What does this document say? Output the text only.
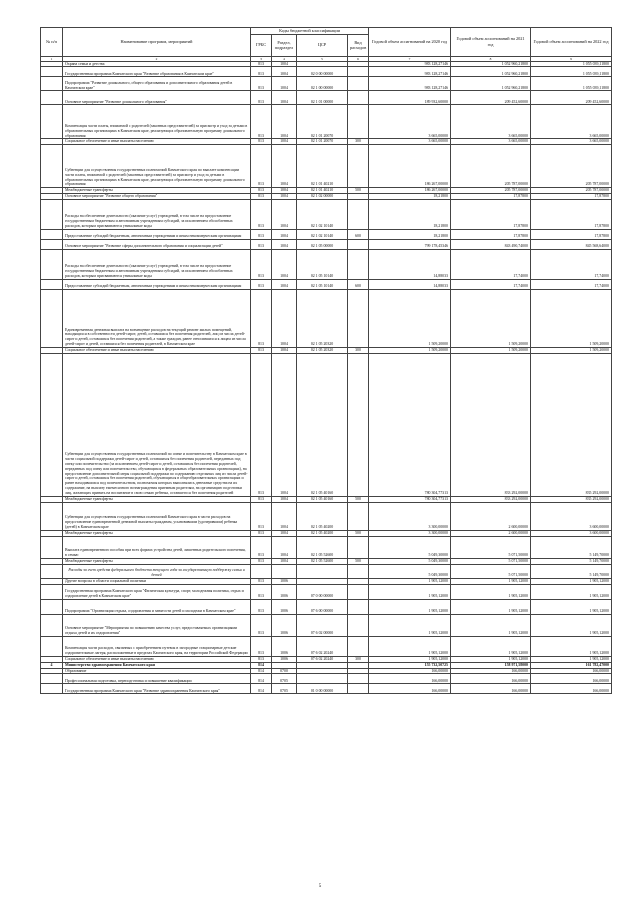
№ п/п	Наименование программ, мероприятий	Коды бюджетной классификации				Годовой объем ассигнований на 2020 год	Годовой объем ассигнований на 2021 год	Годовой объем ассигнований на 2022 год
		ГРБС	Раздел, подраздел	ЦСР	Вид расходов			
1	2	3	4	5	6	7	8	9
	Охрана семьи и детства	813	1004			983 128,27146	1 052 960,21800	1 055 039,11800
	Государственная программа Камчатского края "Развитие образования в Камчатском крае"	813	1004	02 0 00 00000		983 128,27146	1 052 960,21800	1 055 039,11800
	Подпрограмма "Развитие дошкольного, общего образования и дополнительного образования детей в Камчатском крае"	813	1004	02 1 00 00000		983 128,27146	1 052 960,21800	1 055 039,11800
	Основное мероприятие "Развитие дошкольного образования"	813	1004	02 1 01 00000		189 932,60000	209 452,60000	209 452,60000
	Компенсация части платы, взимаемой с родителей (законных представителей) за присмотр и уход за детьми в образовательных организациях в Камчатском крае, реализующих образовательную программу дошкольного образования	813	1004	02 1 01 20070		3 665,00000	3 665,00000	3 665,00000
	Социальное обеспечение и иные выплаты населению	813	1004	02 1 01 20070	300	3 665,00000	3 665,00000	3 665,00000
	Субвенции для осуществления государственных полномочий Камчатского края по выплате компенсации части платы, взимаемой с родителей (законных представителей) за присмотр и уход за детьми в образовательных организациях в Камчатском крае, реализующих образовательную программу дошкольного образования	813	1004	02 1 01 40210		186 267,00000	205 787,00000	205 787,00000
	Межбюджетные трансферты	813	1004	02 1 01 40210	500	186 267,00000	205 787,00000	205 787,00000
	Основное мероприятие "Развитие общего образования"	813	1004	02 1 02 00000		18,21800	17,87800	17,87800
	Расходы на обеспечение деятельности (оказание услуг) учреждений, в том числе на предоставление государственным бюджетным и автономным учреждениям субсидий, за исключением обособленных расходов, которым присваиваются уникальные коды	813	1004	02 1 02 10140		18,21800	17,87800	17,87800
	Предоставление субсидий бюджетным, автономным учреждениям и иным некоммерческим организациям	813	1004	02 1 02 10140	600	18,21800	17,87800	17,87800
	Основное мероприятие "Развитие сферы дополнительного образования и социализации детей"	813	1004	02 1 05 00000		799 178,45346	843 490,74000	845 568,64000
	Расходы на обеспечение деятельности (оказание услуг) учреждений, в том числе на предоставление государственным бюджетным и автономным учреждениям субсидий, за исключением обособленных расходов, которым присваиваются уникальные коды	813	1004	02 1 05 10140		14,88033	17,74000	17,74000
	Предоставление субсидий бюджетным, автономным учреждениям и иным некоммерческим организациям	813	1004	02 1 05 10140	600	14,88033	17,74000	17,74000
	Единовременная денежная выплата на возмещение расходов на текущий ремонт жилых помещений, находящихся в собственности детей-сирот, детей, оставшихся без попечения родителей, лиц из числа детей-сирот и детей, оставшихся без попечения родителей, а также граждан, ранее относившихся к лицам из числа детей-сирот и детей, оставшихся без попечения родителей, в Камчатском крае	813	1004	02 1 05 20320		1 509,20000	1 509,20000	1 509,20000
	Социальное обеспечение и иные выплаты населению	813	1004	02 1 05 20320	300	1 509,20000	1 509,20000	1 509,20000
	Субвенции для осуществления государственных полномочий по опеке и попечительству в Камчатском крае в части социальной поддержки детей-сирот и детей, оставшихся без попечения родителей, переданных под опеку или попечительство (за исключением детей-сирот и детей, оставшихся без попечения родителей, переданных под опеку или попечительство, обучающихся в федеральных образовательных организациях), на предоставление дополнительной меры социальной поддержки по содержанию отдельных лиц из числа детей-сирот и детей, оставшихся без попечения родителей, обучающихся в общеобразовательных организациях и ранее находившихся под попечительством, полномочия которых выполнялись денежные средства на их содержание, на выплату ежемесячного вознаграждения приемным родителям, на организацию подготовки лиц, желающих принять на воспитание в свою семью ребенка, оставшегося без попечения родителей	813	1004	02 1 05 40160		780 304,77313	833 292,00000	835 292,00000
	Межбюджетные трансферты	813	1004	02 1 05 40160	500	780 304,77313	833 292,00000	835 292,00000
	Субвенции для осуществления государственных полномочий Камчатского края в части расходов на предоставление единовременной денежной выплаты гражданам, усыновившим (удочерившим) ребенка (детей) в Камчатском крае	813	1004	02 1 05 40200		3 300,00000	2 600,00000	3 600,00000
	Межбюджетные трансферты	813	1004	02 1 05 40200	500	3 300,00000	2 600,00000	3 600,00000
	Выплата единовременного пособия при всех формах устройства детей, лишенных родительского попечения, в семью	813	1004	02 1 05 52600		5 049,30000	5 071,50000	5 149,70000
	Межбюджетные трансферты	813	1004	02 1 05 52600	500	5 049,30000	5 071,50000	5 149,70000
	Расходы за счет средств федерального бюджета текущего года за государственную поддержку семьи и детей					5 049,30000	5 071,50000	5 149,70000
	Другие вопросы в области социальной политики	813	1006			1 905,12000	1 905,12000	1 905,12000
	Государственная программа Камчатского края "Физическая культура, спорт, молодежная политика, отдых и оздоровление детей в Камчатском крае"	813	1006	07 0 00 00000		1 905,12000	1 905,12000	1 905,12000
	Подпрограмма "Организация отдыха, оздоровления и занятости детей и молодежи в Камчатском крае"	813	1006	07 6 00 00000		1 905,12000	1 905,12000	1 905,12000
	Основное мероприятие "Мероприятия по повышению качества услуг, предоставляемых организациями отдыха детей и их оздоровления"	813	1006	07 6 02 00000		1 905,12000	1 905,12000	1 905,12000
	Компенсация части расходов, связанных с приобретением путевок в загородные стационарные детские оздоровительные лагеря, расположенные в пределах Камчатского края, на территории Российской Федерации	813	1006	07 6 02 20240		1 905,12000	1 905,12000	1 905,12000
	Социальное обеспечение и иные выплаты населению	813	1006	07 6 02 20240	300	1 905,12000	1 905,12000	1 905,12000
4	Министерство здравоохранения Камчатского края	814				155 732,50725	158 971,58000	161 782,47000
	Образование	814	0700			166,00000	166,00000	166,00000
	Профессиональная подготовка, переподготовка и повышение квалификации	814	0705			166,00000	166,00000	166,00000
	Государственная программа Камчатского края "Развитие здравоохранения Камчатского края"	814	0705	01 0 00 00000		166,00000	166,00000	166,00000
5
